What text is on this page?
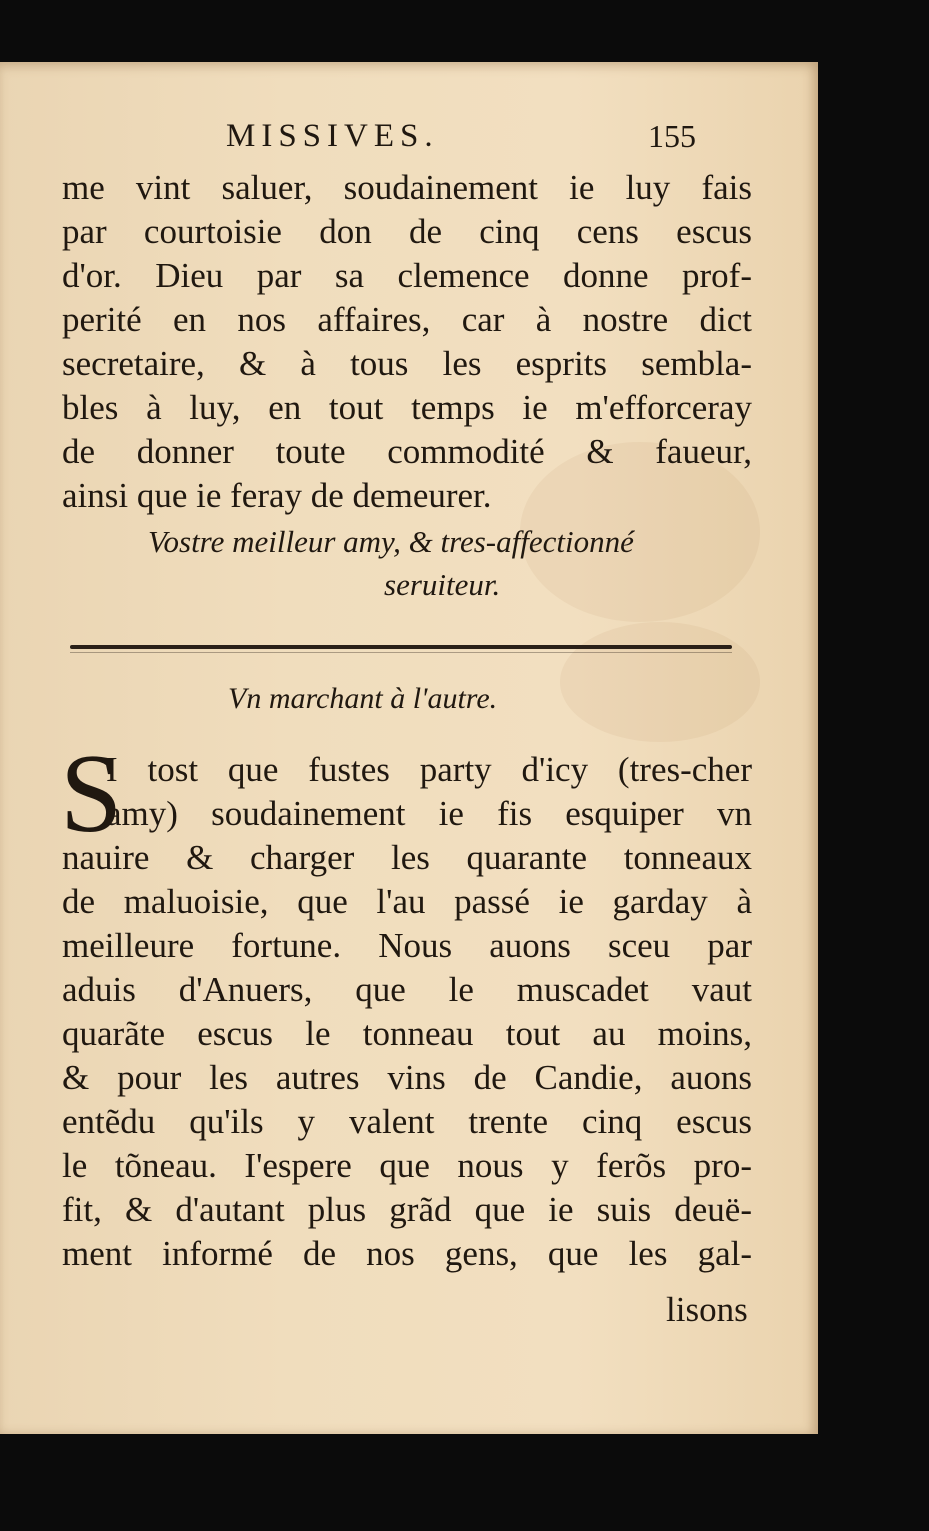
MISSIVES.	155
me vint saluer, soudainement ie luy fais
par courtoisie don de cinq cens escus
d'or. Dieu par sa clemence donne prof-
perité en nos affaires, car à nostre dict
secretaire, & à tous les esprits sembla-
bles à luy, en tout temps ie m'efforceray
de donner toute commodité & faueur,
ainsi que ie feray de demeurer.
Vostre meilleur amy, & tres-affectionné
seruiteur.
Vn marchant à l'autre.
S
I tost que fustes party d'icy (tres-cher
amy) soudainement ie fis esquiper vn
nauire & charger les quarante tonneaux
de maluoisie, que l'au passé ie garday à
meilleure fortune. Nous auons sceu par
aduis d'Anuers, que le muscadet vaut
quarãte escus le tonneau tout au moins,
& pour les autres vins de Candie, auons
entẽdu qu'ils y valent trente cinq escus
le tõneau. I'espere que nous y ferõs pro-
fit, & d'autant plus grãd que ie suis deuë-
ment informé de nos gens, que les gal-
lisons
